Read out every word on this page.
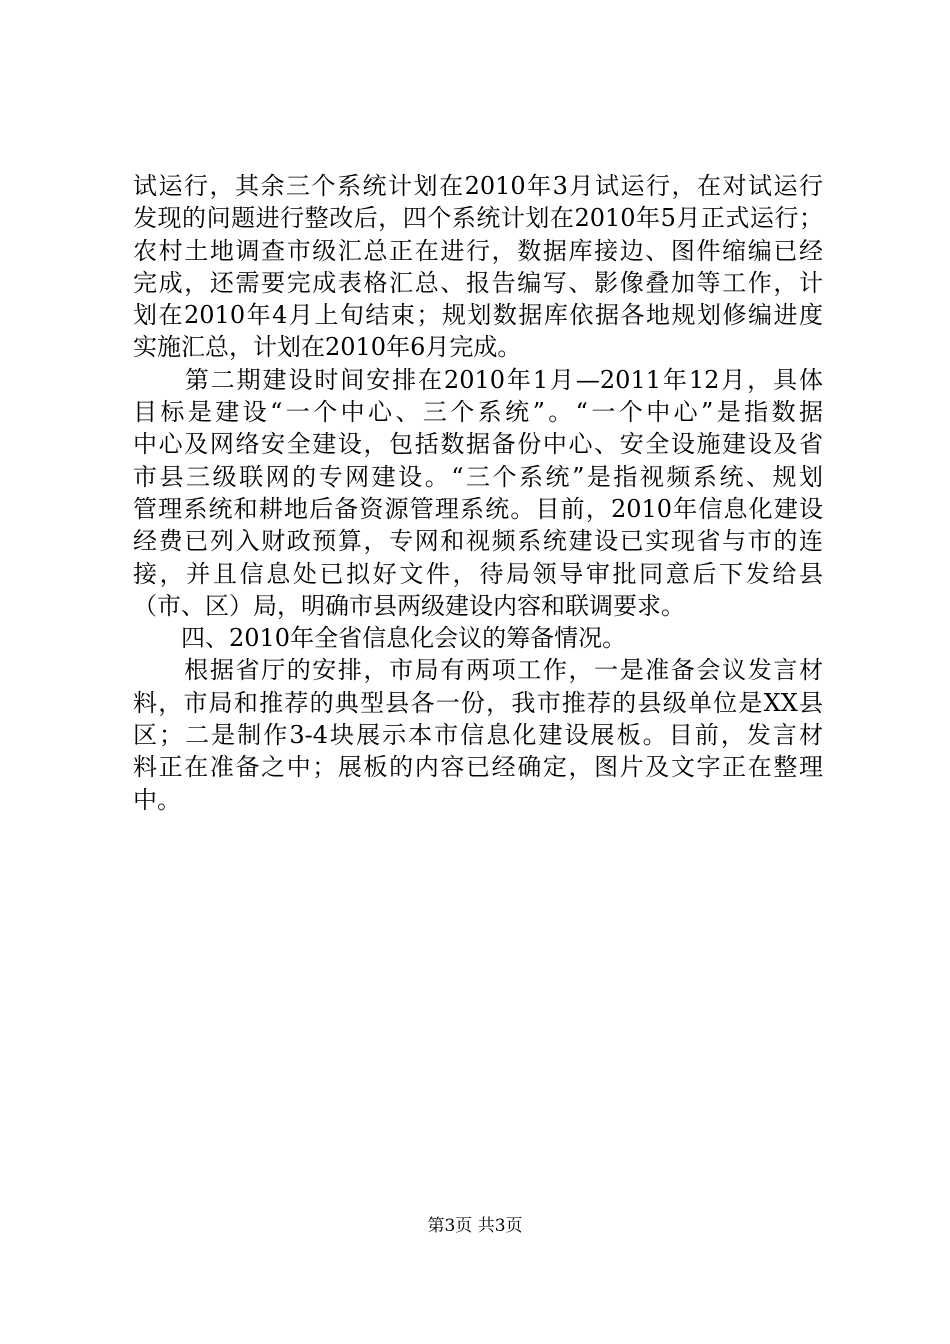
试运行，其余三个系统计划在2010年3月试运行，在对试运行
发现的问题进行整改后，四个系统计划在2010年5月正式运行；
农村土地调查市级汇总正在进行，数据库接边、图件缩编已经
完成，还需要完成表格汇总、报告编写、影像叠加等工作，计
划在2010年4月上旬结束；规划数据库依据各地规划修编进度
实施汇总，计划在2010年6月完成。
　　第二期建设时间安排在2010年1月—2011年12月，具体
目标是建设“一个中心、三个系统”。“一个中心”是指数据
中心及网络安全建设，包括数据备份中心、安全设施建设及省
市县三级联网的专网建设。“三个系统”是指视频系统、规划
管理系统和耕地后备资源管理系统。目前，2010年信息化建设
经费已列入财政预算，专网和视频系统建设已实现省与市的连
接，并且信息处已拟好文件，待局领导审批同意后下发给县
（市、区）局，明确市县两级建设内容和联调要求。
　　四、2010年全省信息化会议的筹备情况。
　　根据省厅的安排，市局有两项工作，一是准备会议发言材
料，市局和推荐的典型县各一份，我市推荐的县级单位是XX县
区；二是制作3-4块展示本市信息化建设展板。目前，发言材
料正在准备之中；展板的内容已经确定，图片及文字正在整理
中。
第3页 共3页
